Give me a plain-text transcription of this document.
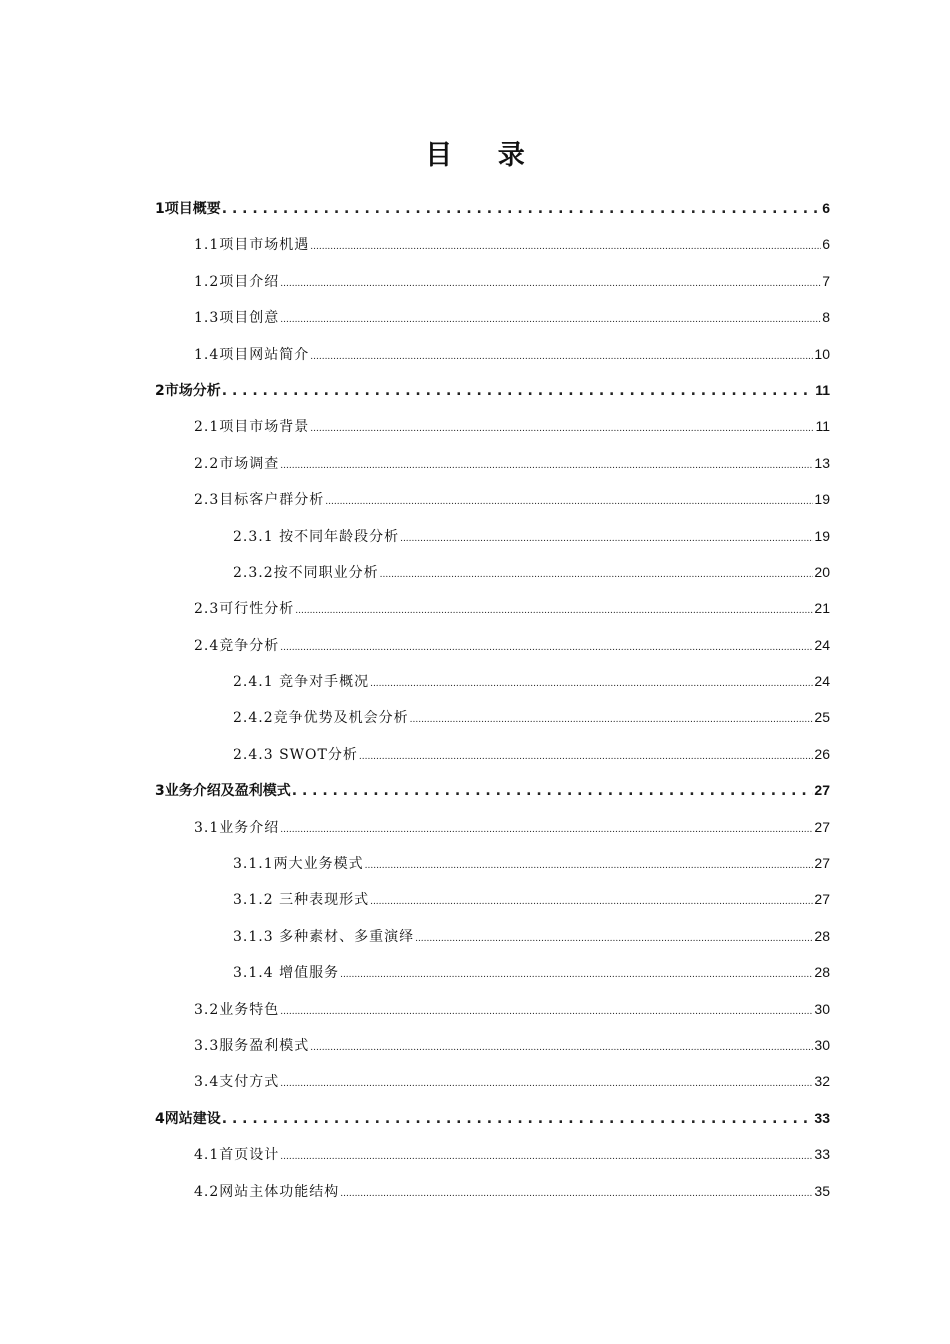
目 录
1项目概要 . . .	6
1.1项目市场机遇 .....	6
1.2项目介绍 .....	7
1.3项目创意 .....	8
1.4项目网站简介 .....	10
2市场分析 . . .	11
2.1项目市场背景 .....	11
2.2市场调查 .....	13
2.3目标客户群分析 .....	19
2.3.1 按不同年龄段分析 .....	19
2.3.2按不同职业分析 .....	20
2.3可行性分析 .....	21
2.4竞争分析 .....	24
2.4.1 竞争对手概况 .....	24
2.4.2竞争优势及机会分析 .....	25
2.4.3 SWOT分析 .....	26
3业务介绍及盈利模式 . . .	27
3.1业务介绍 .....	27
3.1.1两大业务模式 .....	27
3.1.2 三种表现形式 .....	27
3.1.3 多种素材、多重演绎 .....	28
3.1.4 增值服务 .....	28
3.2业务特色 .....	30
3.3服务盈利模式 .....	30
3.4支付方式 .....	32
4网站建设 . . .	33
4.1首页设计 .....	33
4.2网站主体功能结构 .....	35
